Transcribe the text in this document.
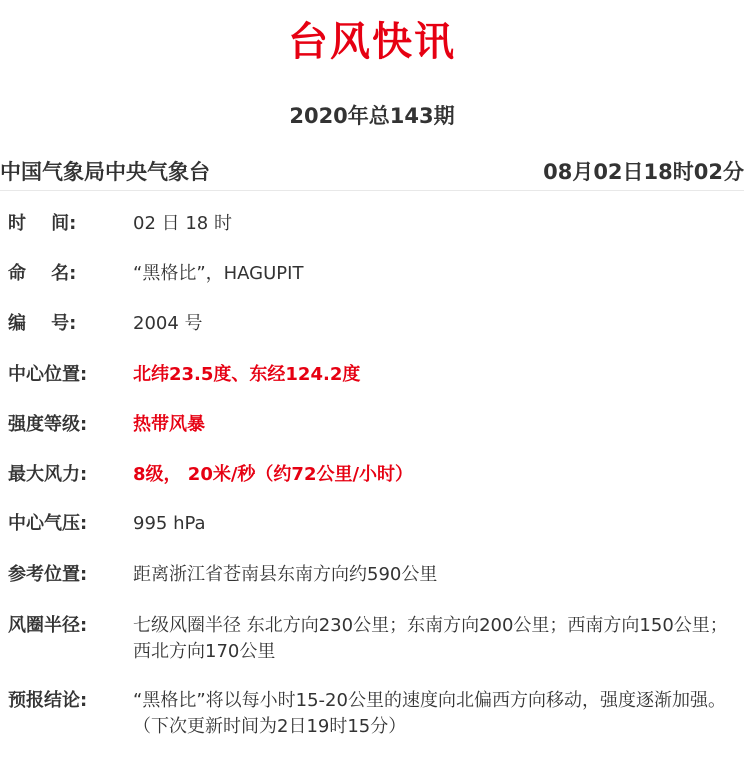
台风快讯
2020年总143期
中国气象局中央气象台	08月02日18时02分
时    间:	02 日 18 时
命    名:	“黑格比”，HAGUPIT
编    号:	2004 号
中心位置:	北纬23.5度、东经124.2度
强度等级:	热带风暴
最大风力:	8级， 20米/秒（约72公里/小时）
中心气压:	995 hPa
参考位置:	距离浙江省苍南县东南方向约590公里
风圈半径:	七级风圈半径 东北方向230公里；东南方向200公里；西南方向150公里；西北方向170公里
预报结论:	“黑格比”将以每小时15-20公里的速度向北偏西方向移动，强度逐渐加强。
（下次更新时间为2日19时15分）
